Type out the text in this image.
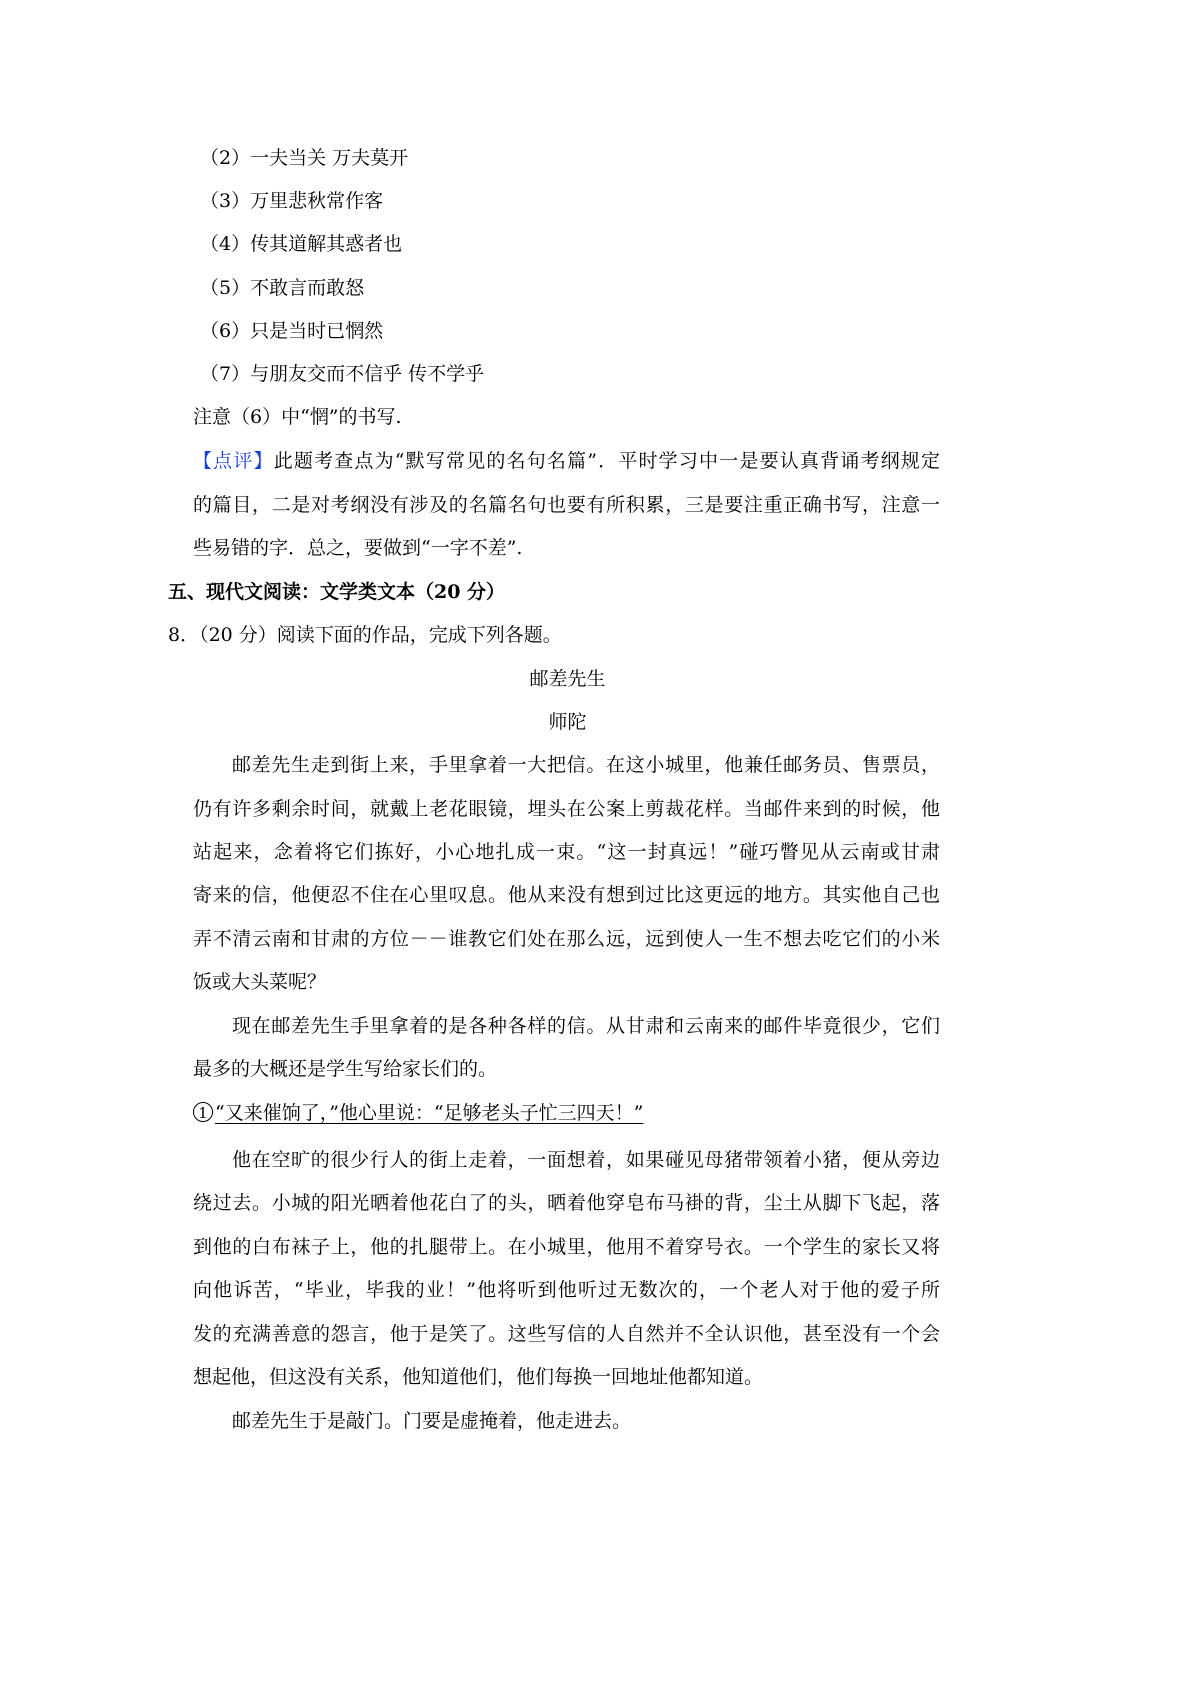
（2）一夫当关 万夫莫开
（3）万里悲秋常作客
（4）传其道解其惑者也
（5）不敢言而敢怒
（6）只是当时已惘然
（7）与朋友交而不信乎 传不学乎
注意（6）中“惘”的书写.
【点评】此题考查点为“默写常见的名句名篇”．平时学习中一是要认真背诵考纲规定
的篇目，二是对考纲没有涉及的名篇名句也要有所积累，三是要注重正确书写，注意一
些易错的字．总之，要做到“一字不差”.
五、现代文阅读：文学类文本（20 分）
8．（20 分）阅读下面的作品，完成下列各题。
邮差先生
师陀
邮差先生走到街上来，手里拿着一大把信。在这小城里，他兼任邮务员、售票员，
仍有许多剩余时间，就戴上老花眼镜，埋头在公案上剪裁花样。当邮件来到的时候，他
站起来，念着将它们拣好，小心地扎成一束。“这一封真远！”碰巧瞥见从云南或甘肃
寄来的信，他便忍不住在心里叹息。他从来没有想到过比这更远的地方。其实他自己也
弄不清云南和甘肃的方位－－谁教它们处在那么远，远到使人一生不想去吃它们的小米
饭或大头菜呢？
现在邮差先生手里拿着的是各种各样的信。从甘肃和云南来的邮件毕竟很少，它们
最多的大概还是学生写给家长们的。
1 “又来催饷了，”他心里说：“足够老头子忙三四天！”
他在空旷的很少行人的街上走着，一面想着，如果碰见母猪带领着小猪，便从旁边
绕过去。小城的阳光晒着他花白了的头，晒着他穿皂布马褂的背，尘土从脚下飞起，落
到他的白布袜子上，他的扎腿带上。在小城里，他用不着穿号衣。一个学生的家长又将
向他诉苦，“毕业，毕我的业！”他将听到他听过无数次的，一个老人对于他的爱子所
发的充满善意的怨言，他于是笑了。这些写信的人自然并不全认识他，甚至没有一个会
想起他，但这没有关系，他知道他们，他们每换一回地址他都知道。
邮差先生于是敲门。门要是虚掩着，他走进去。
